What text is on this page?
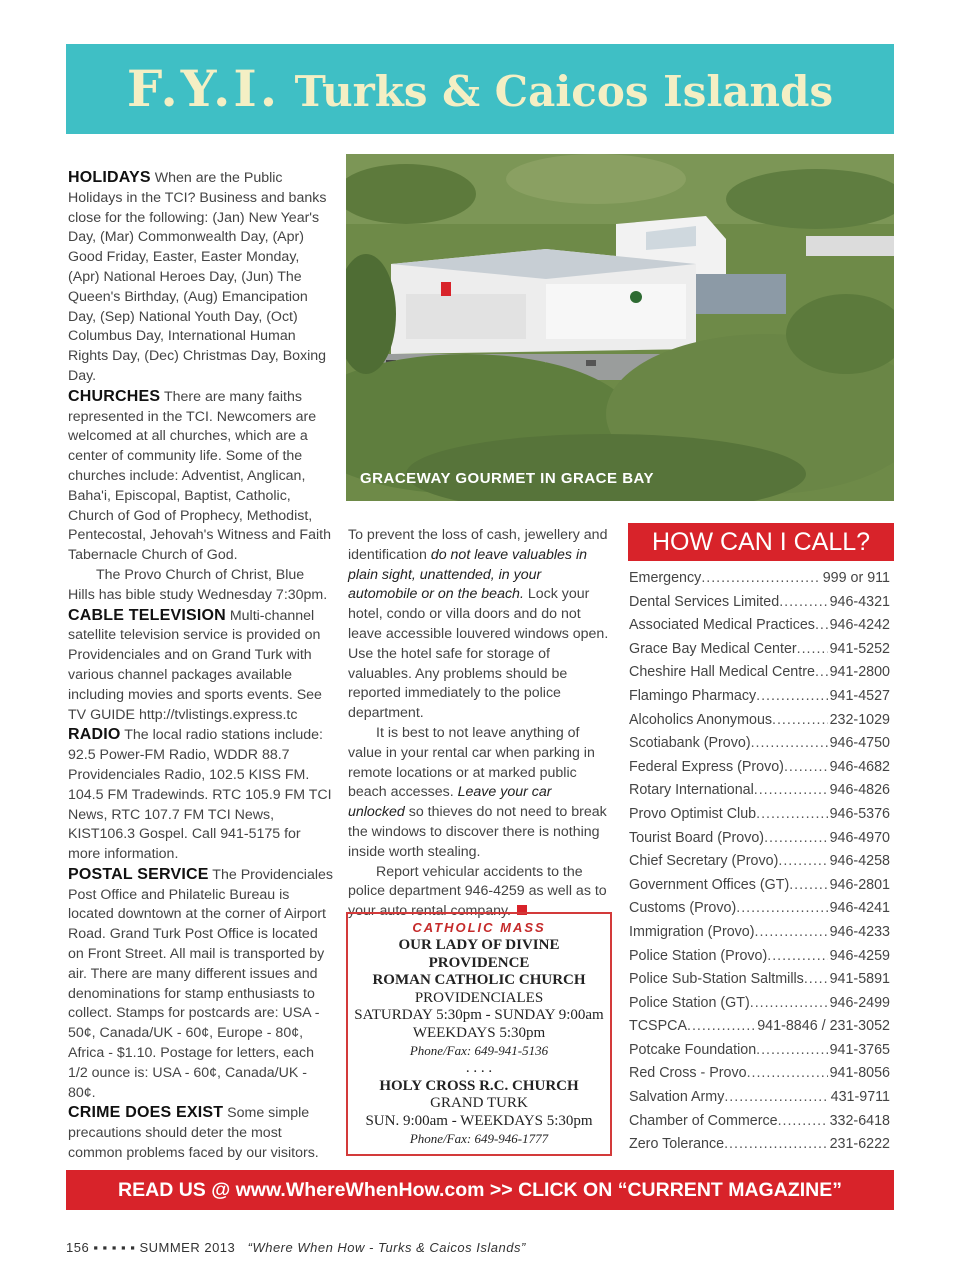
F.Y.I. Turks & Caicos Islands

HOLIDAYS When are the Public Holidays in the TCI? Business and banks close for the following: (Jan) New Year's Day, (Mar) Commonwealth Day, (Apr) Good Friday, Easter, Easter Monday, (Apr) National Heroes Day, (Jun) The Queen's Birthday, (Aug) Emancipation Day, (Sep) National Youth Day, (Oct) Columbus Day, International Human Rights Day, (Dec) Christmas Day, Boxing Day.

CHURCHES There are many faiths represented in the TCI. Newcomers are welcomed at all churches, which are a center of community life. Some of the churches include: Adventist, Anglican, Baha'i, Episcopal, Baptist, Catholic, Church of God of Prophecy, Methodist, Pentecostal, Jehovah's Witness and Faith Tabernacle Church of God.

The Provo Church of Christ, Blue Hills has bible study Wednesday 7:30pm.

CABLE TELEVISION Multi-channel satellite television service is provided on Providenciales and on Grand Turk with various channel packages available including movies and sports events. See TV GUIDE http://tvlistings.express.tc

RADIO The local radio stations include: 92.5 Power-FM Radio, WDDR 88.7 Providenciales Radio, 102.5 KISS FM. 104.5 FM Tradewinds. RTC 105.9 FM TCI News, RTC 107.7 FM TCI News, KIST106.3 Gospel. Call 941-5175 for more information.

POSTAL SERVICE The Providenciales Post Office and Philatelic Bureau is located downtown at the corner of Airport Road. Grand Turk Post Office is located on Front Street. All mail is transported by air. There are many different issues and denominations for stamp enthusiasts to collect. Stamps for postcards are: USA - 50¢, Canada/UK - 60¢, Europe - 80¢, Africa - $1.10. Postage for letters, each 1/2 ounce is: USA - 60¢, Canada/UK - 80¢.

CRIME DOES EXIST Some simple precautions should deter the most common problems faced by our visitors.

GRACEWAY GOURMET IN GRACE BAY

To prevent the loss of cash, jewellery and identification do not leave valuables in plain sight, unattended, in your automobile or on the beach. Lock your hotel, condo or villa doors and do not leave accessible louvered windows open. Use the hotel safe for storage of valuables. Any problems should be reported immediately to the police department.

It is best to not leave anything of value in your rental car when parking in remote locations or at marked public beach accesses. Leave your car unlocked so thieves do not need to break the windows to discover there is nothing inside worth stealing.

Report vehicular accidents to the police department 946-4259 as well as to your auto rental company.

CATHOLIC MASS
OUR LADY OF DIVINE
PROVIDENCE
ROMAN CATHOLIC CHURCH
PROVIDENCIALES
SATURDAY 5:30pm - SUNDAY 9:00am
WEEKDAYS 5:30pm
Phone/Fax: 649-941-5136
. . . .
HOLY CROSS R.C. CHURCH
GRAND TURK
SUN. 9:00am - WEEKDAYS 5:30pm
Phone/Fax: 649-946-1777
HOW CAN I CALL?
Emergency . . .	999 or 911
Dental Services Limited . . .	946-4321
Associated Medical Practices . . . 946-4242
Grace Bay Medical Center . . . 941-5252
Cheshire Hall Medical Centre . . . 941-2800
Flamingo Pharmacy . . .	941-4527
Alcoholics Anonymous . . .	232-1029
Scotiabank (Provo) . . .	946-4750
Federal Express (Provo) . . .	946-4682
Rotary International . . .	946-4826
Provo Optimist Club . . .	946-5376
Tourist Board (Provo) . . .	946-4970
Chief Secretary (Provo) . . .	946-4258
Government Offices (GT) . . .	946-2801
Customs (Provo) . . .	946-4241
Immigration (Provo) . . .	946-4233
Police Station (Provo) . . .	946-4259
Police Sub-Station Saltmills . . . 941-5891
Police Station (GT) . . .	946-2499
TCSPCA . . .	941-8846 / 231-3052
Potcake Foundation . . .	941-3765
Red Cross - Provo . . .	941-8056
Salvation Army . . .	431-9711
Chamber of Commerce . . .	332-6418
Zero Tolerance . . .	231-6222
READ US @ www.WhereWhenHow.com >> CLICK ON “CURRENT MAGAZINE”
156 ▪ ▪ ▪ ▪ ▪ SUMMER 2013 “Where When How - Turks & Caicos Islands”
